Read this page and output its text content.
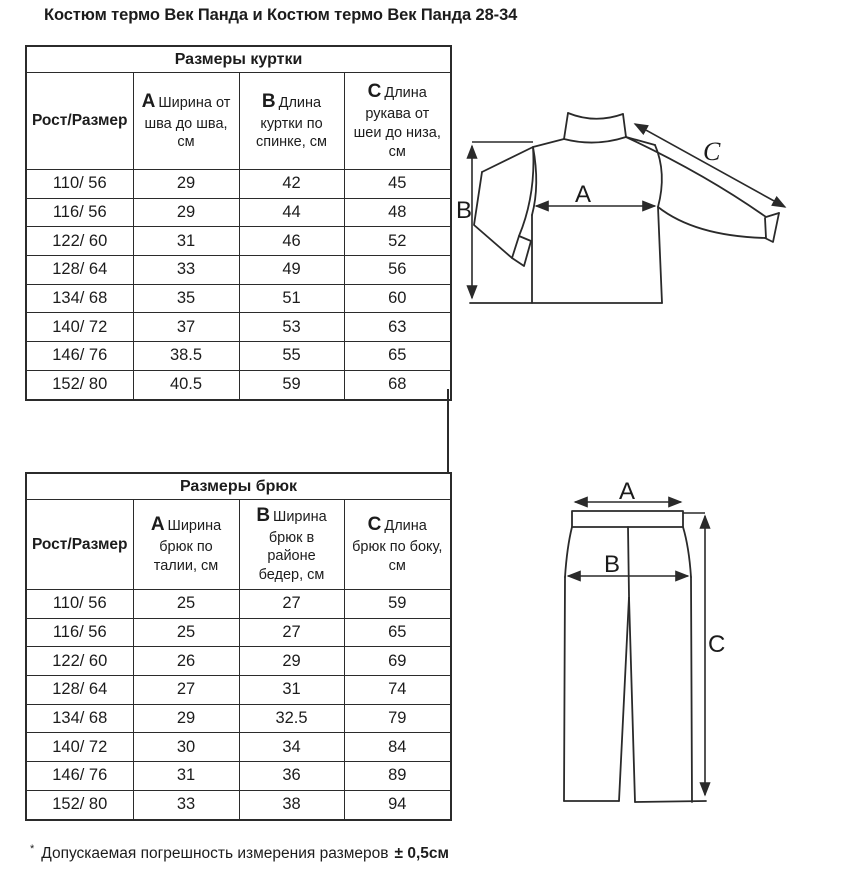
Костюм термо Век Панда и Костюм термо Век Панда 28-34
Размеры куртки			
Рост/Размер	A Ширина от шва до шва, см	B Длина куртки по спинке, см	C Длина рукава от шеи до низа, см
110/ 56	29	42	45
116/ 56	29	44	48
122/ 60	31	46	52
128/ 64	33	49	56
134/ 68	35	51	60
140/ 72	37	53	63
146/ 76	38.5	55	65
152/ 80	40.5	59	68
Размеры брюк			
Рост/Размер	A Ширина брюк по талии, см	B Ширина брюк в районе бедер, см	C Длина брюк по боку, см
110/ 56	25	27	59
116/ 56	25	27	65
122/ 60	26	29	69
128/ 64	27	31	74
134/ 68	29	32.5	79
140/ 72	30	34	84
146/ 76	31	36	89
152/ 80	33	38	94
A
B
C
A
B
C
* Допускаемая погрешность измерения размеров ± 0,5см
